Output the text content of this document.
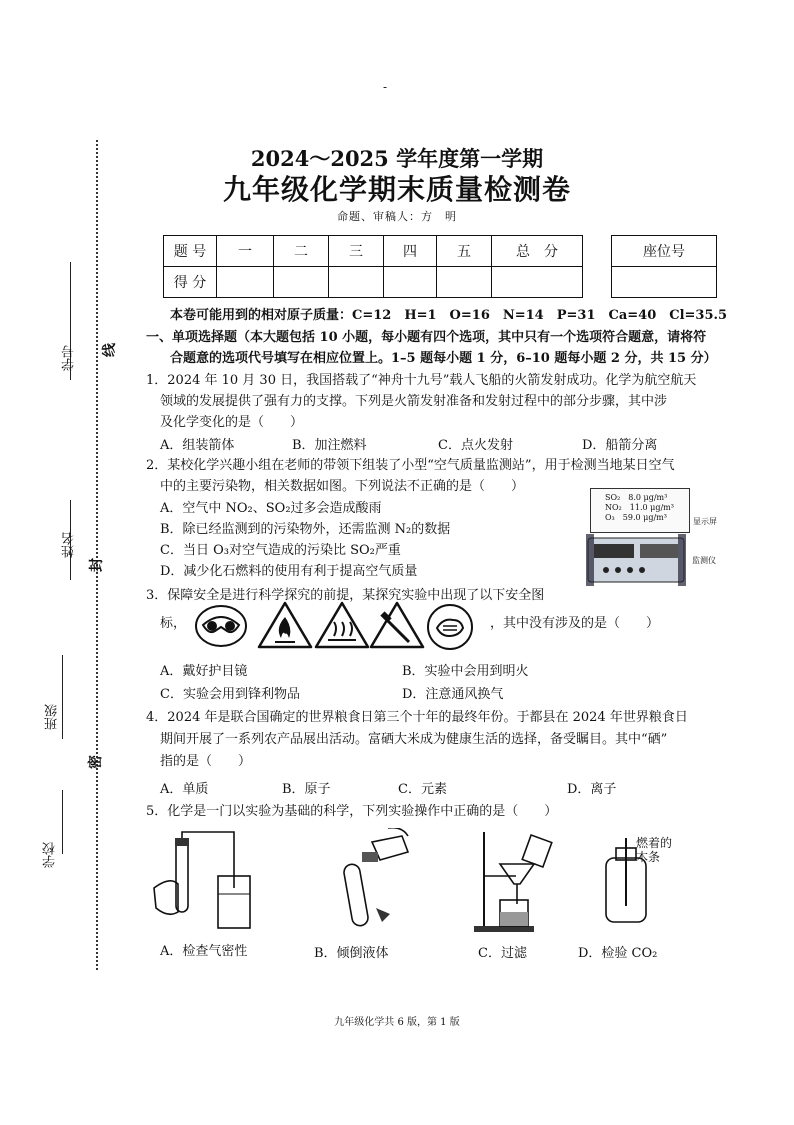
学号
姓名
班级
学校
线
封
密
-
2024～2025 学年度第一学期
九年级化学期末质量检测卷
命题、审稿人：方　明
题 号	一	二	三	四	五	总　分
得 分						
座位号

本卷可能用到的相对原子质量：C=12　H=1　O=16　N=14　P=31　Ca=40　Cl=35.5
一、单项选择题（本大题包括 10 小题，每小题有四个选项，其中只有一个选项符合题意，请将符
合题意的选项代号填写在相应位置上。1–5 题每小题 1 分，6–10 题每小题 2 分，共 15 分）
1．2024 年 10 月 30 日，我国搭载了“神舟十九号”载人飞船的火箭发射成功。化学为航空航天
领域的发展提供了强有力的支撑。下列是火箭发射准备和发射过程中的部分步骤，其中涉
及化学变化的是（　　）
A．组装箭体	B．加注燃料	C．点火发射	D．船箭分离
2．某校化学兴趣小组在老师的带领下组装了小型“空气质量监测站”，用于检测当地某日空气
中的主要污染物，相关数据如图。下列说法不正确的是（　　）
A．空气中 NO₂、SO₂过多会造成酸雨
B．除已经监测到的污染物外，还需监测 N₂的数据
C．当日 O₃对空气造成的污染比 SO₂严重
D．减少化石燃料的使用有利于提高空气质量
SO₂　8.0 μg/m³
NO₂　11.0 μg/m³
O₃　59.0 μg/m³	显示屏
监测仪
3．保障安全是进行科学探究的前提，某探究实验中出现了以下安全图
标，	，其中没有涉及的是（　　）
A．戴好护目镜	B．实验中会用到明火
C．实验会用到锋利物品	D．注意通风换气
4．2024 年是联合国确定的世界粮食日第三个十年的最终年份。于都县在 2024 年世界粮食日
期间开展了一系列农产品展出活动。富硒大米成为健康生活的选择，备受瞩目。其中“硒”
指的是（　　）
A．单质	B．原子	C．元素	D．离子
5．化学是一门以实验为基础的科学，下列实验操作中正确的是（　　）
燃着的
木条
A．检查气密性	B．倾倒液体	C．过滤	D．检验 CO₂
九年级化学共 6 版，第 1 版
